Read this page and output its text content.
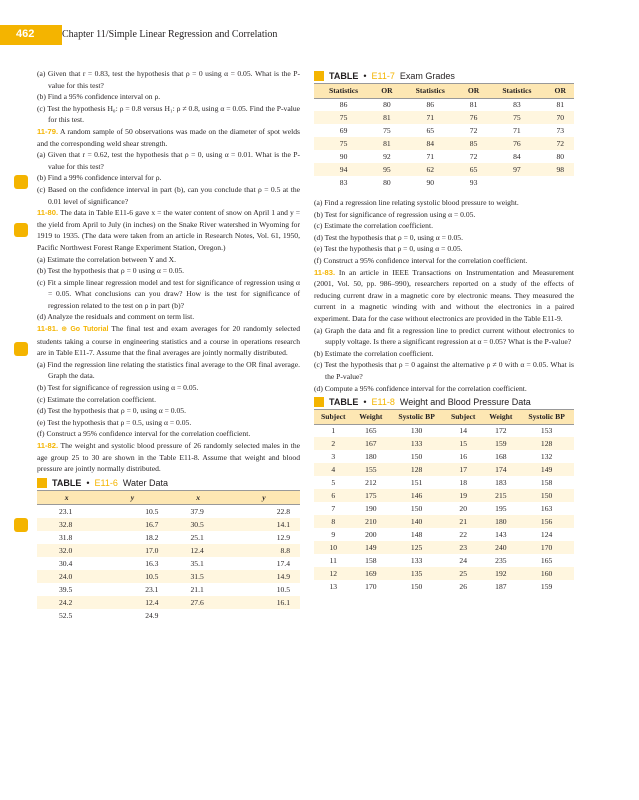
462	Chapter 11/Simple Linear Regression and Correlation

(a) Given that r = 0.83, test the hypothesis that ρ = 0 using α = 0.05. What is the P-value for this test?

(b) Find a 95% confidence interval on ρ.

(c) Test the hypothesis H₀: ρ = 0.8 versus H₁: ρ ≠ 0.8, using α = 0.05. Find the P-value for this test.

11-79. A random sample of 50 observations was made on the diameter of spot welds and the corresponding weld shear strength.

(a) Given that r = 0.62, test the hypothesis that ρ = 0, using α = 0.01. What is the P-value for this test?

(b) Find a 99% confidence interval for ρ.

(c) Based on the confidence interval in part (b), can you conclude that ρ = 0.5 at the 0.01 level of significance?

11-80. The data in Table E11-6 gave x = the water content of snow on April 1 and y = the yield from April to July (in inches) on the Snake River watershed in Wyoming for 1919 to 1935. (The data were taken from an article in Research Notes, Vol. 61, 1950, Pacific Northwest Forest Range Experiment Station, Oregon.)

(a) Estimate the correlation between Y and X.

(b) Test the hypothesis that ρ = 0 using α = 0.05.

(c) Fit a simple linear regression model and test for significance of regression using α = 0.05. What conclusions can you draw? How is the test for significance of regression related to the test on ρ in part (b)?

(d) Analyze the residuals and comment on term list.

11-81. ⊕ Go Tutorial The final test and exam averages for 20 randomly selected students taking a course in engineering statistics and a course in operations research are in Table E11-7. Assume that the final averages are jointly normally distributed.

(a) Find the regression line relating the statistics final average to the OR final average. Graph the data.

(b) Test for significance of regression using α = 0.05.

(c) Estimate the correlation coefficient.

(d) Test the hypothesis that ρ = 0, using α = 0.05.

(e) Test the hypothesis that ρ = 0.5, using α = 0.05.

(f) Construct a 95% confidence interval for the correlation coefficient.

11-82. The weight and systolic blood pressure of 26 randomly selected males in the age group 25 to 30 are shown in the Table E11-8. Assume that weight and blood pressure are jointly normally distributed.

TABLE • E11-6 Water Data
x	y	x	y
23.1	10.5	37.9	22.8
32.8	16.7	30.5	14.1
31.8	18.2	25.1	12.9
32.0	17.0	12.4	8.8
30.4	16.3	35.1	17.4
24.0	10.5	31.5	14.9
39.5	23.1	21.1	10.5
24.2	12.4	27.6	16.1
52.5	24.9		
TABLE • E11-7 Exam Grades
Statistics	OR	Statistics	OR	Statistics	OR
86	80	86	81	83	81
75	81	71	76	75	70
69	75	65	72	71	73
75	81	84	85	76	72
90	92	71	72	84	80
94	95	62	65	97	98
83	80	90	93		

(a) Find a regression line relating systolic blood pressure to weight.

(b) Test for significance of regression using α = 0.05.

(c) Estimate the correlation coefficient.

(d) Test the hypothesis that ρ = 0, using α = 0.05.

(e) Test the hypothesis that ρ = 0, using α = 0.05.

(f) Construct a 95% confidence interval for the correlation coefficient.

11-83. In an article in IEEE Transactions on Instrumentation and Measurement (2001, Vol. 50, pp. 986–990), researchers reported on a study of the effects of reducing current draw in a magnetic core by electronic means. They measured the current in a magnetic winding with and without the electronics in a paired experiment. Data for the case without electronics are provided in the Table E11-9.

(a) Graph the data and fit a regression line to predict current without electronics to supply voltage. Is there a significant regression at α = 0.05? What is the P-value?

(b) Estimate the correlation coefficient.

(c) Test the hypothesis that ρ = 0 against the alternative ρ ≠ 0 with α = 0.05. What is the P-value?

(d) Compute a 95% confidence interval for the correlation coefficient.

TABLE • E11-8 Weight and Blood Pressure Data
Subject	Weight	Systolic BP	Subject	Weight	Systolic BP
1	165	130	14	172	153
2	167	133	15	159	128
3	180	150	16	168	132
4	155	128	17	174	149
5	212	151	18	183	158
6	175	146	19	215	150
7	190	150	20	195	163
8	210	140	21	180	156
9	200	148	22	143	124
10	149	125	23	240	170
11	158	133	24	235	165
12	169	135	25	192	160
13	170	150	26	187	159
